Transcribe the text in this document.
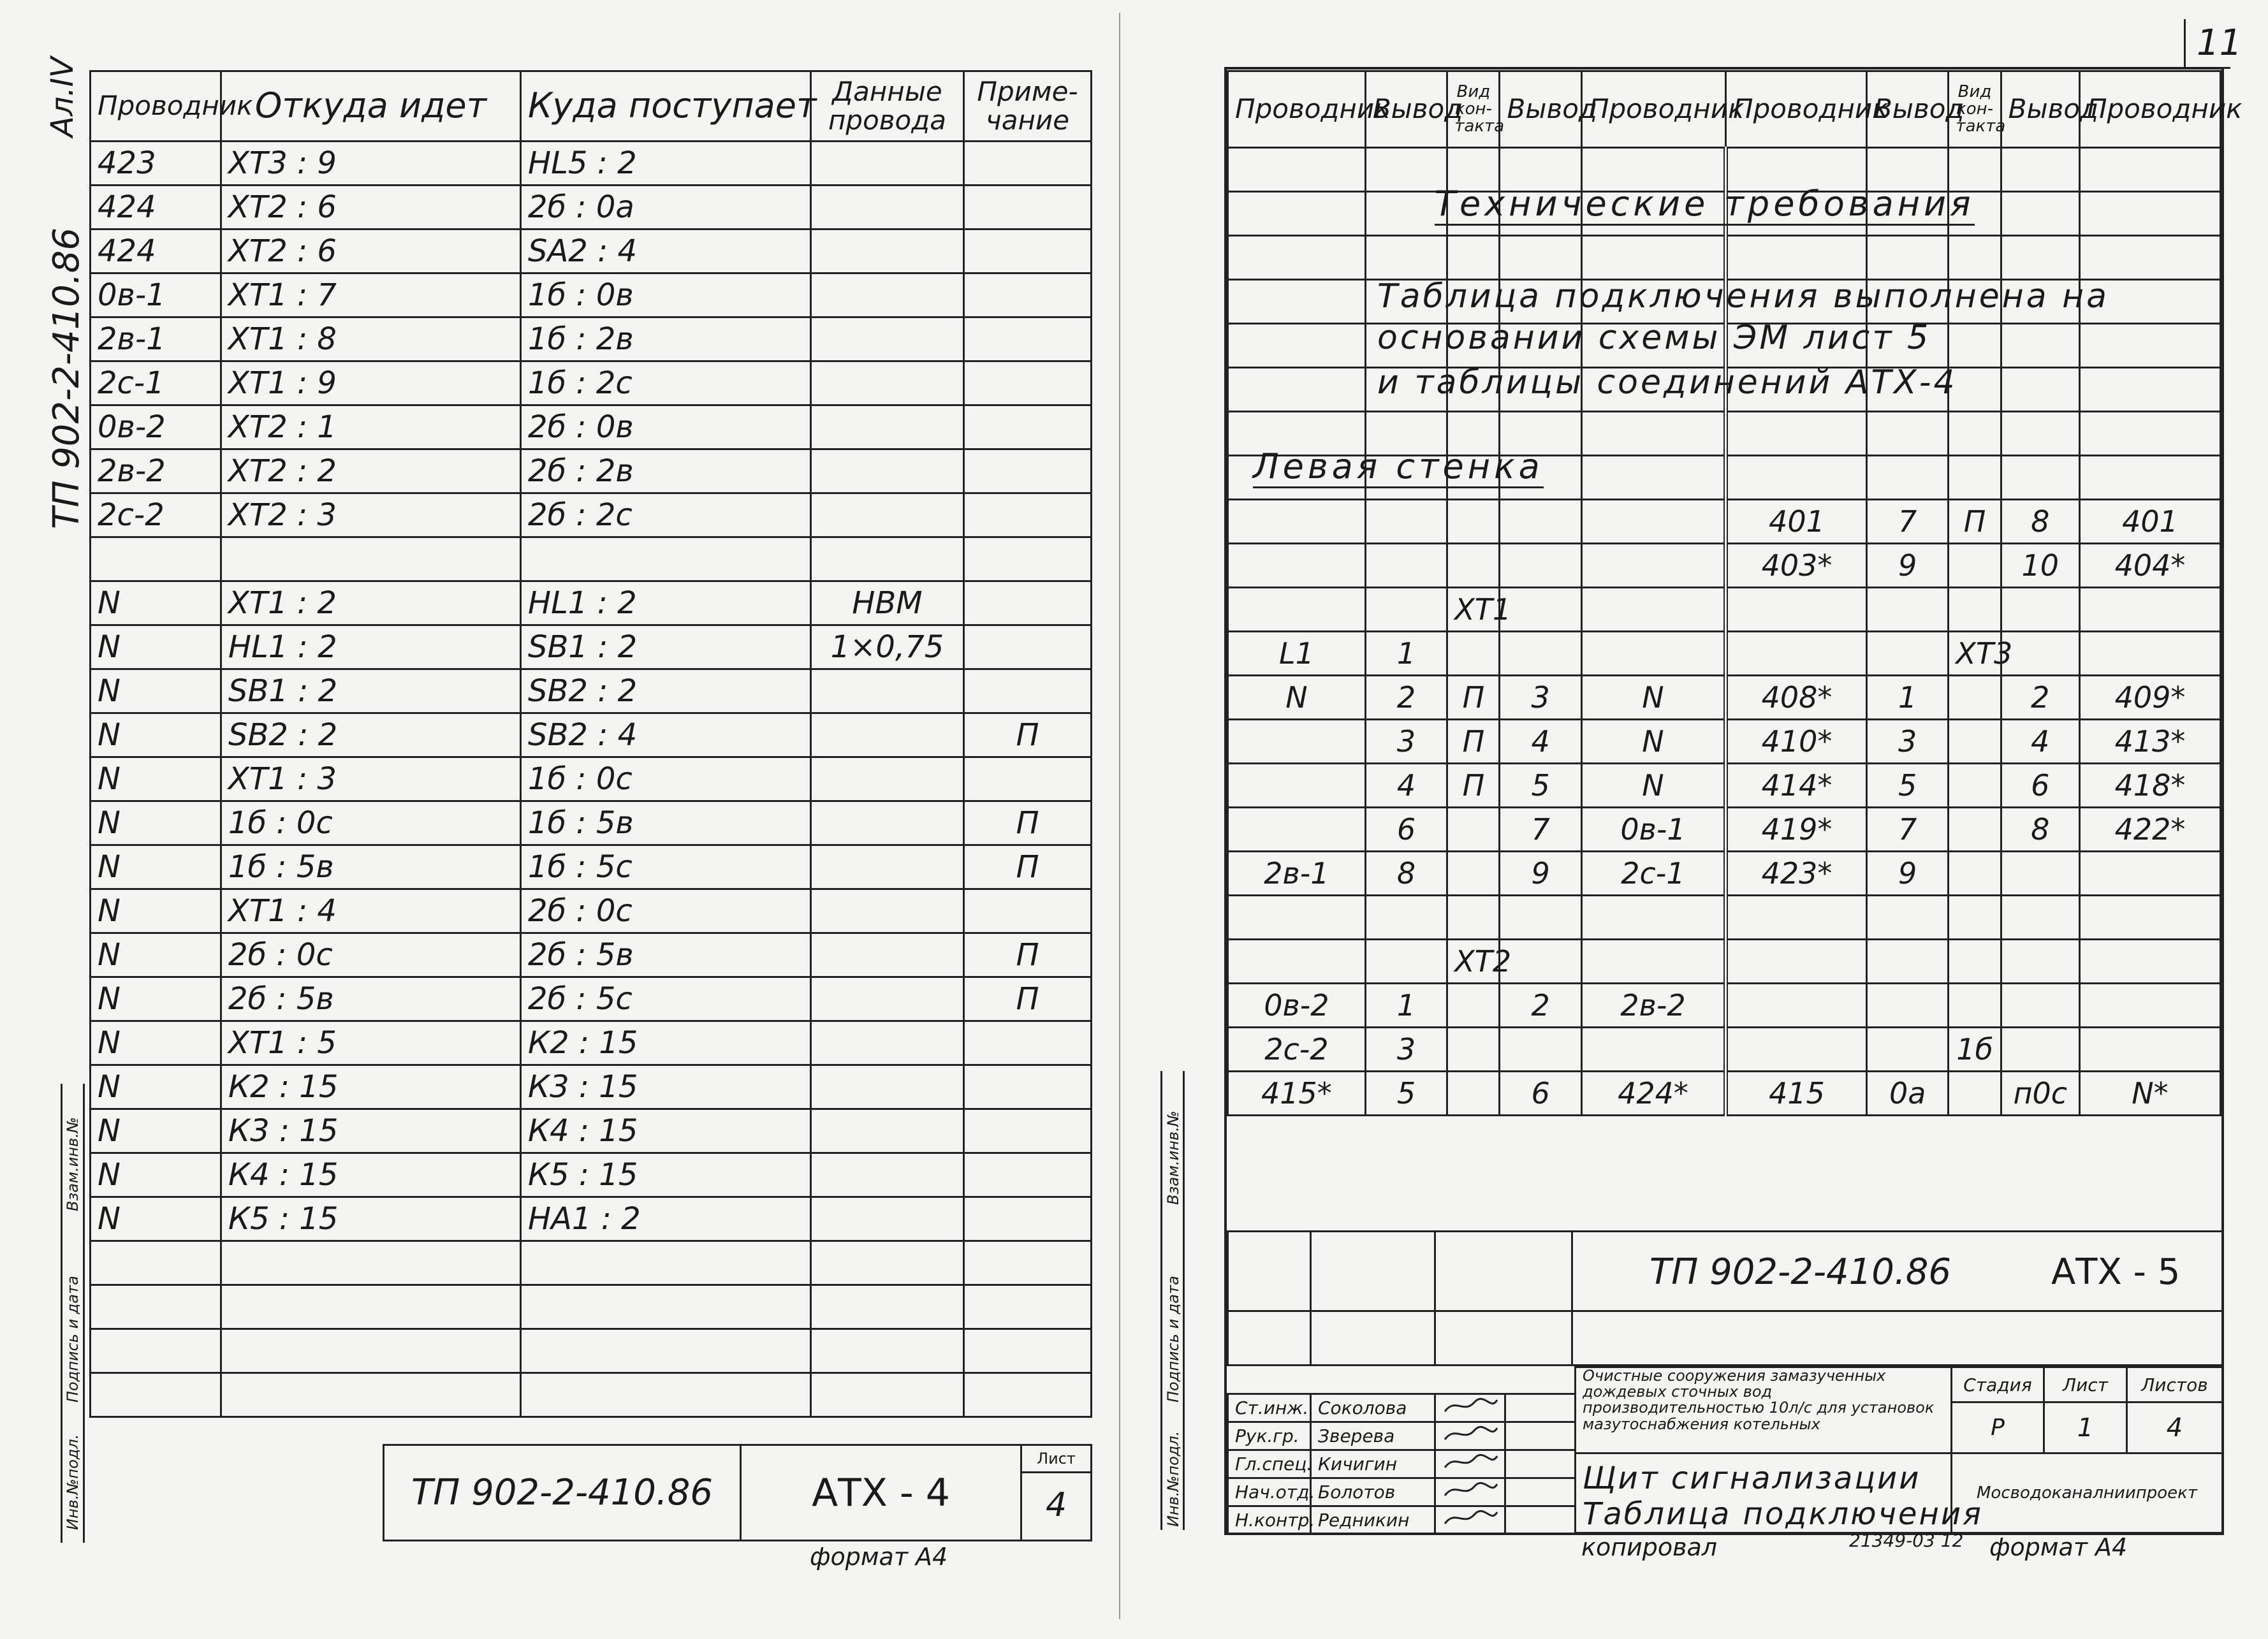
Ал.IV
ТП 902-2-410.86
Взам.инв.№
Подпись и дата
Инв.№подл.
Проводник	Откуда идет	Куда поступает	Данные провода	Приме-чание
423	ХТ3 : 9	HL5 : 2		
424	ХТ2 : 6	2б : 0а		
424	ХТ2 : 6	SA2 : 4		
0в-1	ХТ1 : 7	1б : 0в		
2в-1	ХТ1 : 8	1б : 2в		
2с-1	ХТ1 : 9	1б : 2с		
0в-2	ХТ2 : 1	2б : 0в		
2в-2	ХТ2 : 2	2б : 2в		
2с-2	ХТ2 : 3	2б : 2с		

N	ХТ1 : 2	HL1 : 2	НВМ	
N	HL1 : 2	SB1 : 2	1×0,75	
N	SB1 : 2	SB2 : 2		
N	SB2 : 2	SB2 : 4		П
N	ХТ1 : 3	1б : 0с		
N	1б : 0с	1б : 5в		П
N	1б : 5в	1б : 5с		П
N	ХТ1 : 4	2б : 0с		
N	2б : 0с	2б : 5в		П
N	2б : 5в	2б : 5с		П
N	ХТ1 : 5	К2 : 15		
N	К2 : 15	К3 : 15		
N	К3 : 15	К4 : 15		
N	К4 : 15	К5 : 15		
N	К5 : 15	НА1 : 2		

ТП 902-2-410.86	АТХ - 4	
Лист
4
формат А4
11
Взам.инв.№
Подпись и дата
Инв.№подл.
Проводник	Вывод	Вид кон-такта	Вывод	Проводник	Проводник	Вывод	Вид кон-такта	Вывод	Проводник

					401	7	П	8	401
					403*	9		10	404*
		ХТ1							
L1	1						ХТ3		
N	2	П	3	N	408*	1		2	409*
	3	П	4	N	410*	3		4	413*
	4	П	5	N	414*	5		6	418*
	6		7	0в-1	419*	7		8	422*
2в-1	8		9	2с-1	423*	9			

		ХТ2							
0в-2	1		2	2в-2					
2с-2	3						1б		
415*	5		6	424*	415	0а		п0с	N*
Технические требования
Таблица подключения выполнена на
основании схемы ЭМ лист 5
и таблицы соединений АТХ-4
Левая стенка

			ТП 902-2-410.86 АТХ - 5

Ст.инж.	Соколова		
Рук.гр.	Зверева		
Гл.спец.	Кичигин		
Нач.отд.	Болотов		
Н.контр.	Редникин		
Очистные сооружения замазученных дождевых сточных вод производительностью 10л/с для установок мазутоснабжения котельных	Стадия	Лист	Листов
	Р	1	4

Щит сигнализации
Таблица подключения	Мосводоканалниипроект		
копировал	21349-03 12 формат А4
